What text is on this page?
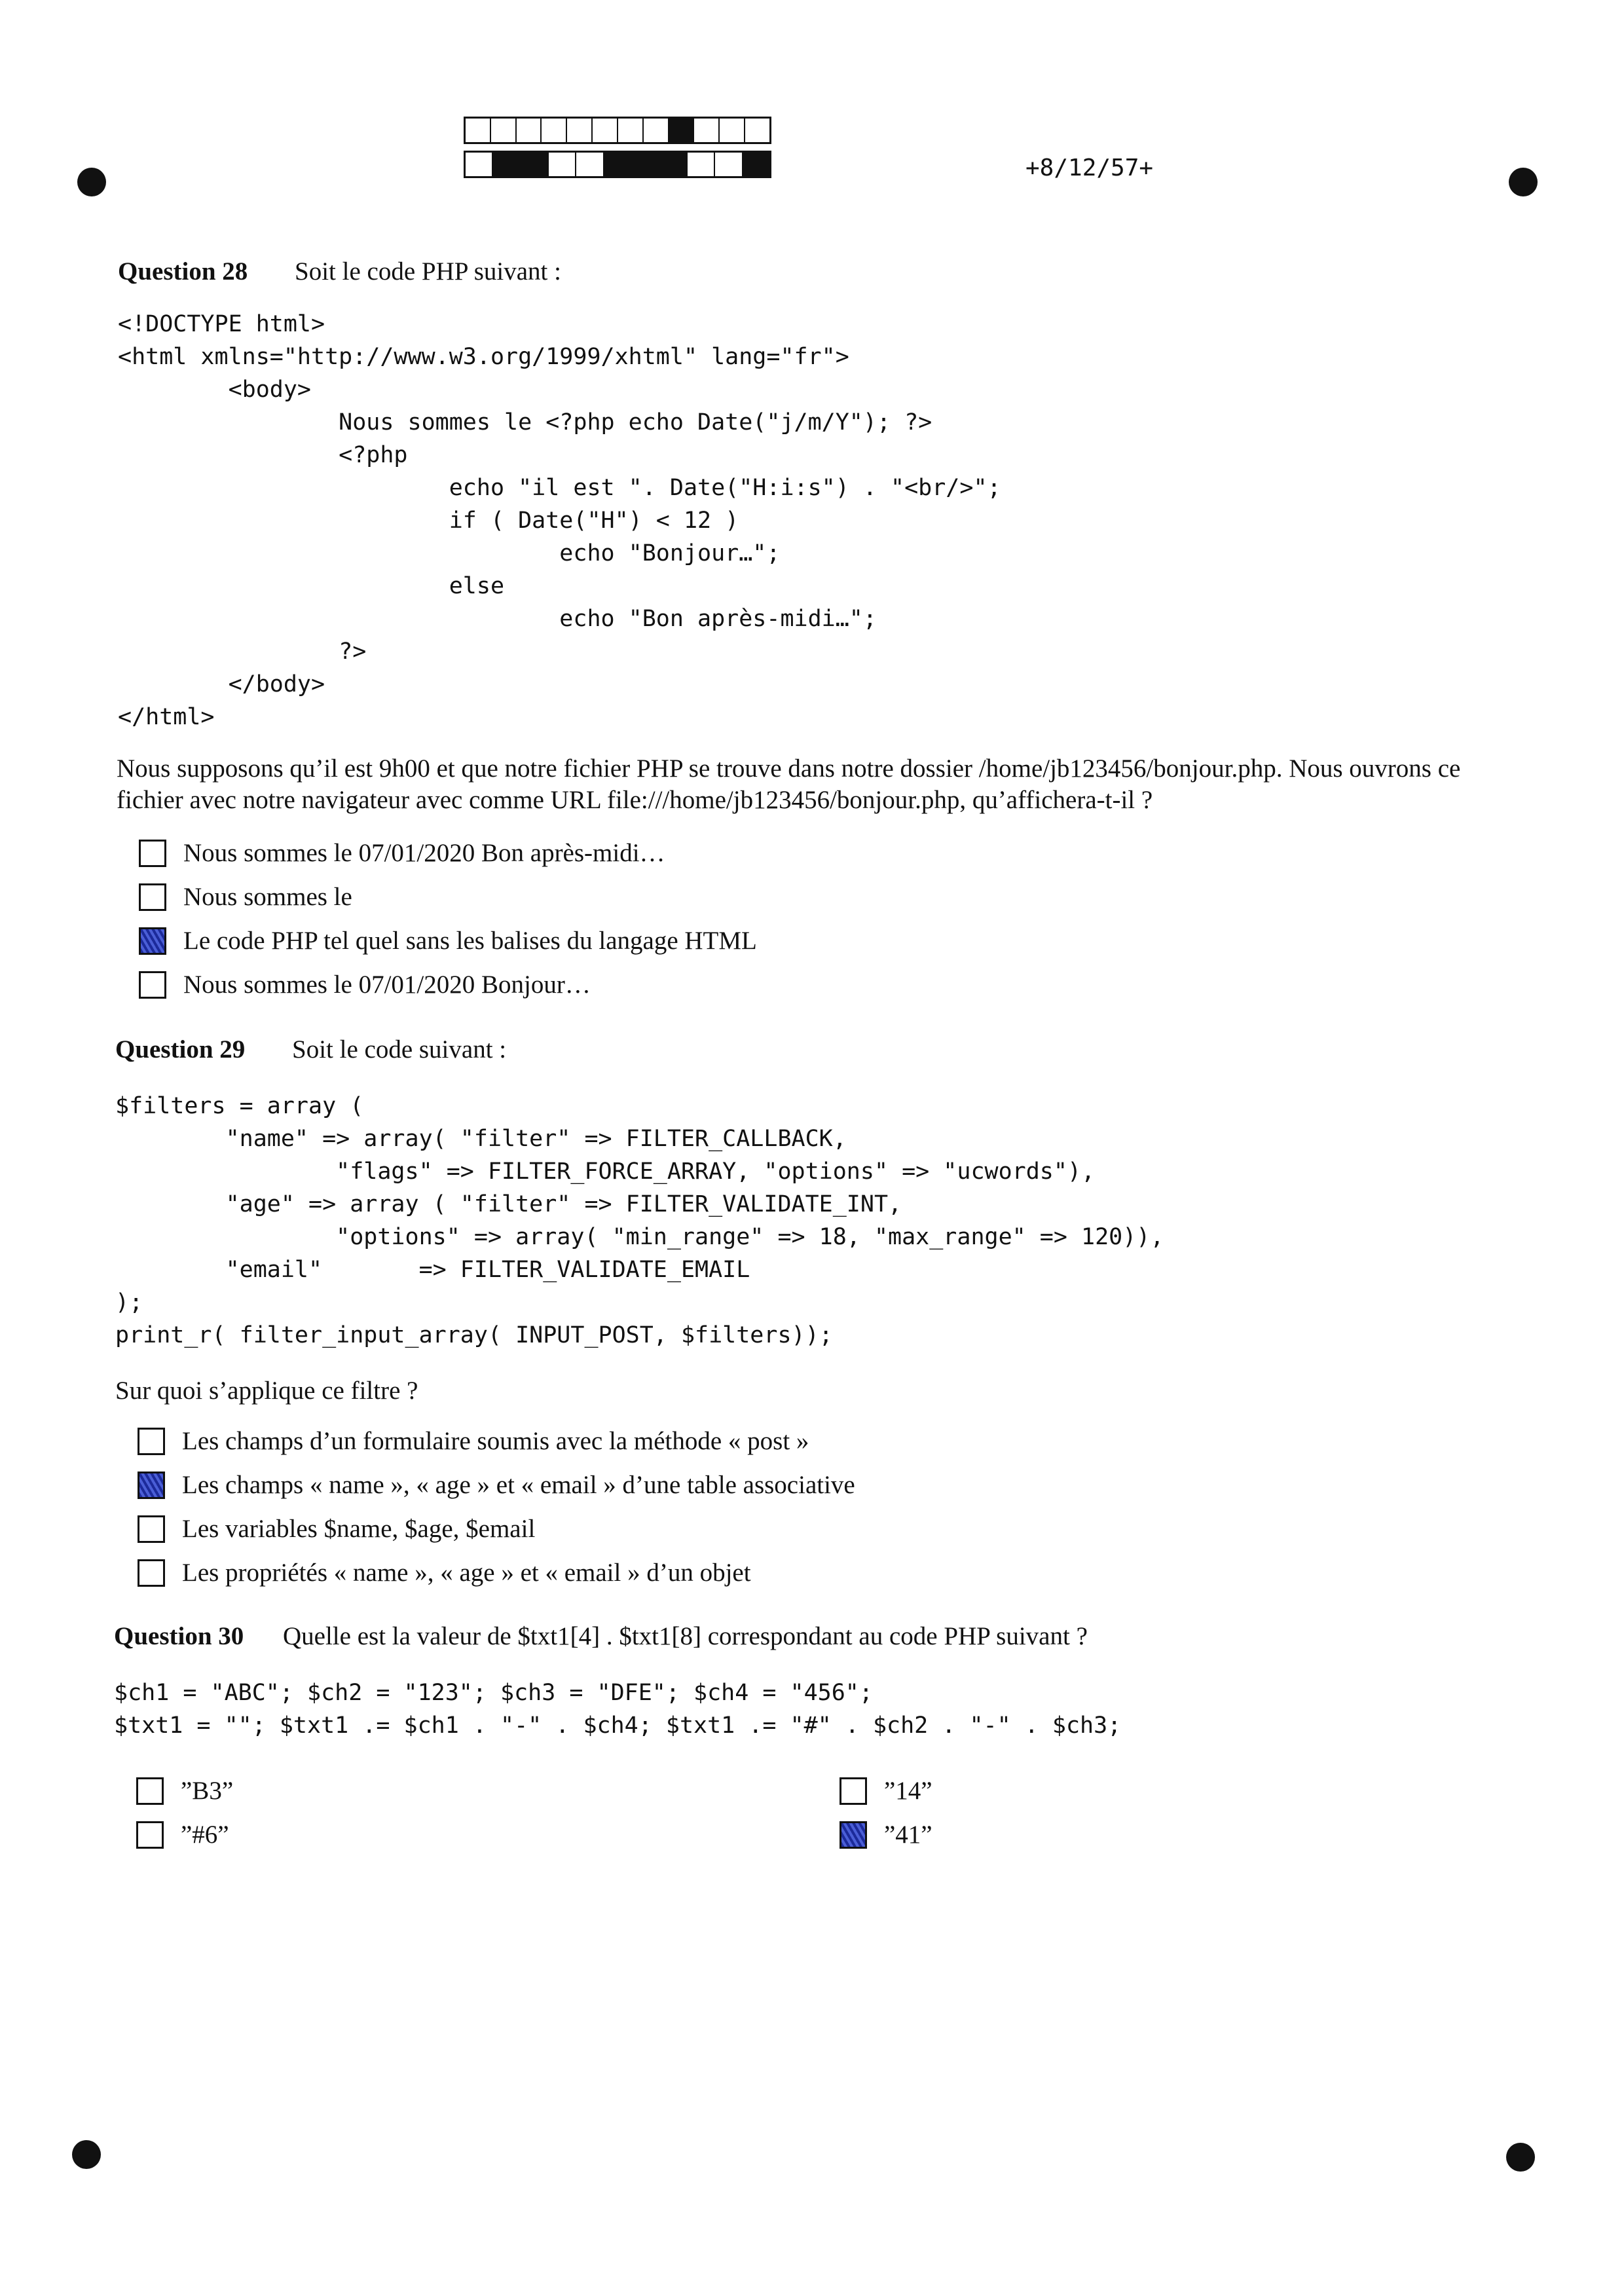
+8/12/57+
Question 28 Soit le code PHP suivant :
<!DOCTYPE html>
<html xmlns="http://www.w3.org/1999/xhtml" lang="fr">
<body>
Nous sommes le <?php echo Date("j/m/Y"); ?>
<?php
echo "il est ". Date("H:i:s") . "<br/>";
if ( Date("H") < 12 )
echo "Bonjour…";
else
echo "Bon après-midi…";
?>
</body>
</html>
Nous supposons qu’il est 9h00 et que notre fichier PHP se trouve dans notre dossier /home/jb123456/bonjour.php. Nous ouvrons ce fichier avec notre navigateur avec comme URL file:///home/jb123456/bonjour.php, qu’affichera-t-il ?
Nous sommes le 07/01/2020 Bon après-midi…
Nous sommes le
Le code PHP tel quel sans les balises du langage HTML
Nous sommes le 07/01/2020 Bonjour…
Question 29 Soit le code suivant :
$filters = array (
"name" => array( "filter" => FILTER_CALLBACK,
"flags" => FILTER_FORCE_ARRAY, "options" => "ucwords"),
"age" => array ( "filter" => FILTER_VALIDATE_INT,
"options" => array( "min_range" => 18, "max_range" => 120)),
"email"       => FILTER_VALIDATE_EMAIL
);
print_r( filter_input_array( INPUT_POST, $filters));
Sur quoi s’applique ce filtre ?
Les champs d’un formulaire soumis avec la méthode « post »
Les champs « name », « age » et « email » d’une table associative
Les variables $name, $age, $email
Les propriétés « name », « age » et « email » d’un objet
Question 30 Quelle est la valeur de $txt1[4] . $txt1[8] correspondant au code PHP suivant ?
$ch1 = "ABC"; $ch2 = "123"; $ch3 = "DFE"; $ch4 = "456";
$txt1 = ""; $txt1 .= $ch1 . "-" . $ch4; $txt1 .= "#" . $ch2 . "-" . $ch3;
”B3”
”#6”
”14”
”41”
